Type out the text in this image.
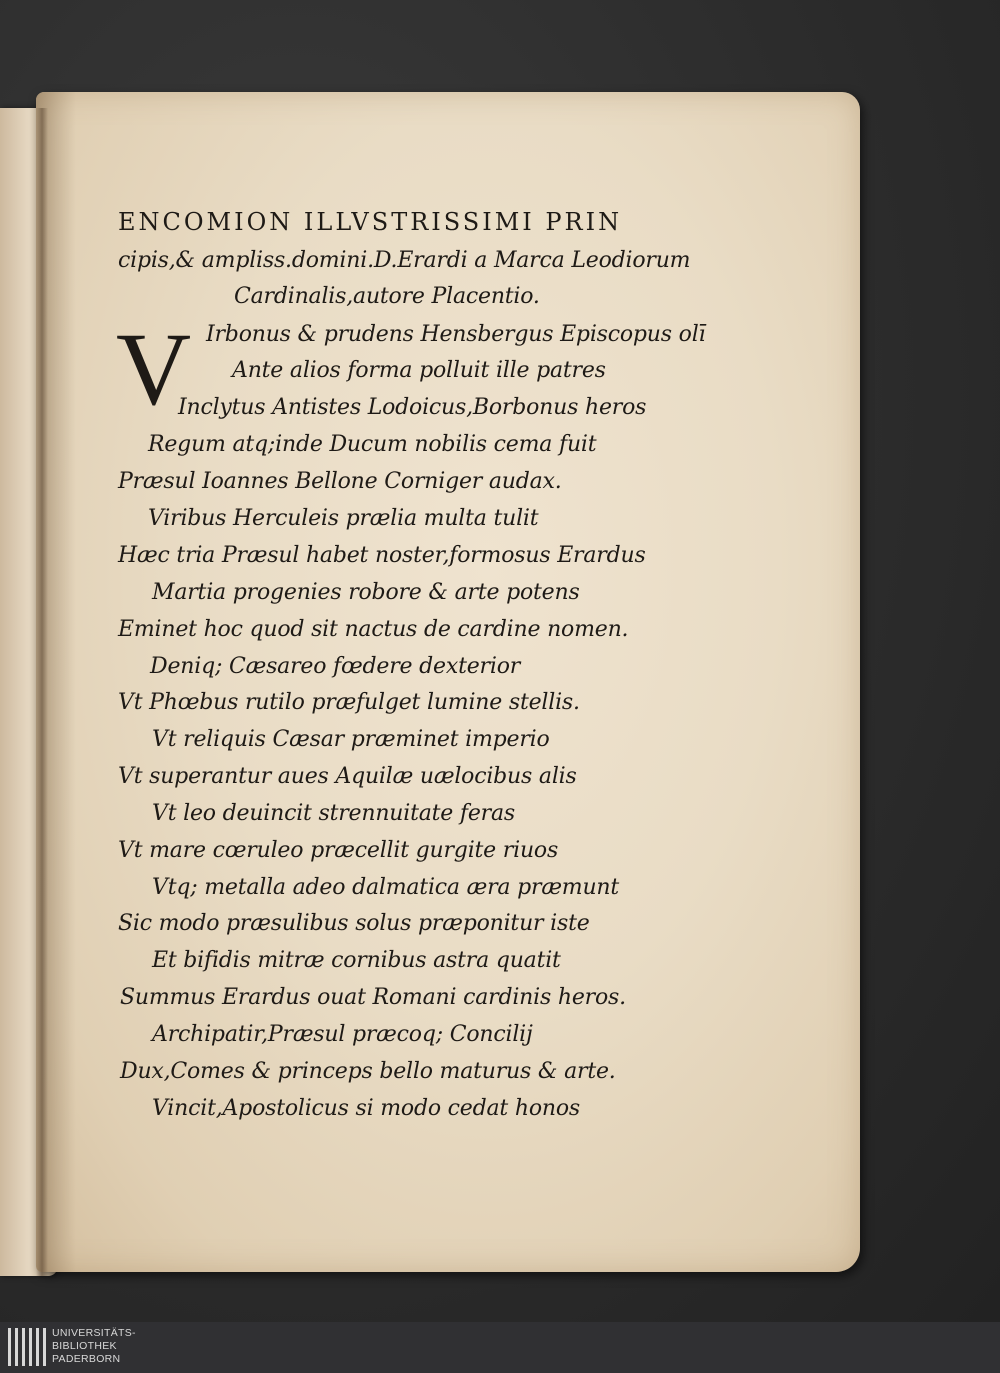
ENCOMION ILLVSTRISSIMI PRIN
cipis,& ampliss.domini.D.Erardi a Marca Leodiorum
Cardinalis,autore Placentio.
V Irbonus & prudens Hensbergus Episcopus olī
Ante alios forma polluit ille patres
Inclytus Antistes Lodoicus,Borbonus heros
Regum atq;inde Ducum nobilis cema fuit
Præsul Ioannes Bellone Corniger audax.
Viribus Herculeis prælia multa tulit
Hæc tria Præsul habet noster,formosus Erardus
Martia progenies robore & arte potens
Eminet hoc quod sit nactus de cardine nomen.
Deniq; Cæsareo fœdere dexterior
Vt Phœbus rutilo præfulget lumine stellis.
Vt reliquis Cæsar præminet imperio
Vt superantur aues Aquilæ uælocibus alis
Vt leo deuincit strennuitate feras
Vt mare cœruleo præcellit gurgite riuos
Vtq; metalla adeo dalmatica æra præmunt
Sic modo præsulibus solus præponitur iste
Et bifidis mitræ cornibus astra quatit
Summus Erardus ouat Romani cardinis heros.
Archipatir,Præsul præcoq; Concilij
Dux,Comes & princeps bello maturus & arte.
Vincit,Apostolicus si modo cedat honos
UNIVERSITÄTS-
BIBLIOTHEK
PADERBORN
